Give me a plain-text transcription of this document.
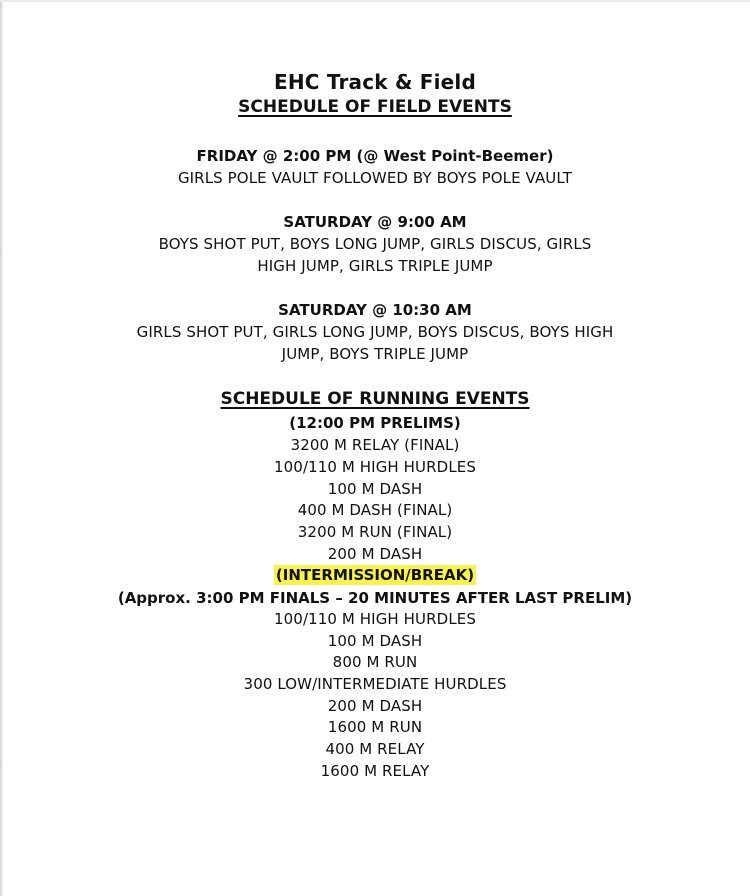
EHC Track & Field
SCHEDULE OF FIELD EVENTS
FRIDAY @ 2:00 PM (@ West Point-Beemer)
GIRLS POLE VAULT FOLLOWED BY BOYS POLE VAULT
SATURDAY @ 9:00 AM
BOYS SHOT PUT, BOYS LONG JUMP, GIRLS DISCUS, GIRLS
HIGH JUMP, GIRLS TRIPLE JUMP
SATURDAY @ 10:30 AM
GIRLS SHOT PUT, GIRLS LONG JUMP, BOYS DISCUS, BOYS HIGH
JUMP, BOYS TRIPLE JUMP
SCHEDULE OF RUNNING EVENTS
(12:00 PM PRELIMS)
3200 M RELAY (FINAL)
100/110 M HIGH HURDLES
100 M DASH
400 M DASH (FINAL)
3200 M RUN (FINAL)
200 M DASH
(INTERMISSION/BREAK)
(Approx. 3:00 PM FINALS – 20 MINUTES AFTER LAST PRELIM)
100/110 M HIGH HURDLES
100 M DASH
800 M RUN
300 LOW/INTERMEDIATE HURDLES
200 M DASH
1600 M RUN
400 M RELAY
1600 M RELAY
